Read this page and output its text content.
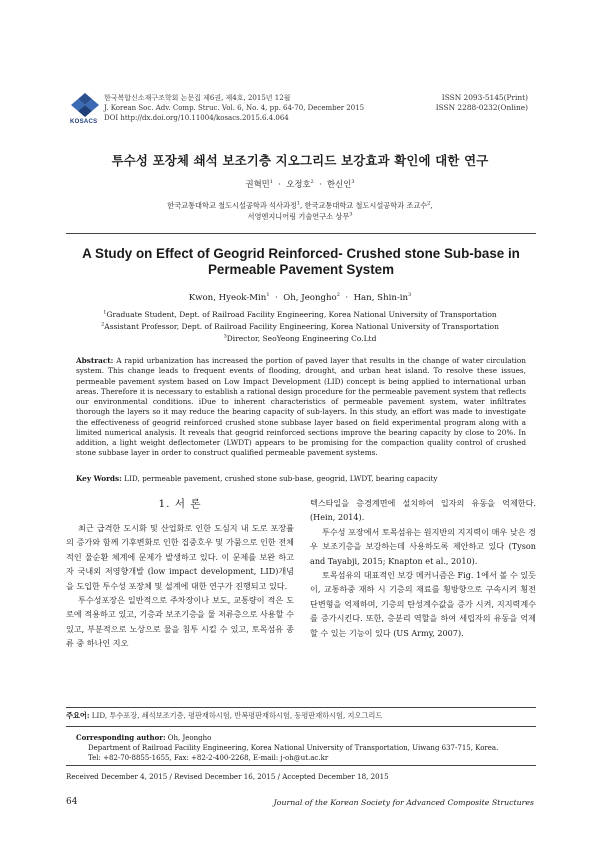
KOSACS
한국복합신소재구조학회 논문집 제6권, 제4호, 2015년 12월
J. Korean Soc. Adv. Comp. Struc. Vol. 6, No. 4, pp. 64-70, December 2015
DOI http://dx.doi.org/10.11004/kosacs.2015.6.4.064
ISSN 2093-5145(Print)
ISSN 2288-0232(Online)
투수성 포장체 쇄석 보조기층 지오그리드 보강효과 확인에 대한 연구
권혁민$^1$  ·  오정호$^2$  ·  한신인$^3$
한국교통대학교 철도시설공학과 석사과정$^1$, 한국교통대학교 철도시설공학과 조교수$^2$,
서영엔지니어링 기술연구소 상무$^3$
A Study on Effect of Geogrid Reinforced- Crushed stone Sub-base in Permeable Pavement System
Kwon, Hyeok-Min$^1$  ·  Oh, Jeongho$^2$  ·  Han, Shin-$in^3$
$^1$Graduate Student, Dept. of Railroad Facility Engineering, Korea National University of Transportation
$^2$Assistant Professor, Dept. of Railroad Facility Engineering, Korea National University of Transportation
$^3$Director, SeoYeong Engineering Co.Ltd
Abstract: A rapid urbanization has increased the portion of paved layer that results in the change of water circulation system. This change leads to frequent events of flooding, drought, and urban heat island. To resolve these issues, permeable pavement system based on Low Impact Development (LID) concept is being applied to international urban areas. Therefore it is necessary to establish a rational design procedure for the permeable pavement system that reflects our environmental conditions. iDue to inherent characteristics of permeable pavement system, water infiltrates thorough the layers so it may reduce the bearing capacity of sub-layers. In this study, an effort was made to investigate the effectiveness of geogrid reinforced crushed stone subbase layer based on field experimental program along with a limited numerical analysis. It reveals that geogrid reinforced sections improve the bearing capacity by close to 20%. In addition, a light weight deflectometer (LWDT) appears to be promising for the compaction quality control of crushed stone subbase layer in order to construct qualified permeable pavement systems.
Key Words: LID, permeable pavement, crushed stone sub-base, geogrid, LWDT, bearing capacity
1. 서 론

최근 급격한 도시화 및 산업화로 인한 도심지 내 도로 포장률의 증가와 함께 기후변화로 인한 집중호우 및 가뭄으로 인한 전체적인 물순환 체계에 문제가 발생하고 있다. 이 문제를 보완 하고자 국내외 저영향개발 (low impact development, LID)개념을 도입한 투수성 포장체 및 설계에 대한 연구가 진행되고 있다.

투수성포장은 일반적으로 주차장이나 보도, 교통량이 적은 도로에 적용하고 있고, 기층과 보조기층을 물 저류층으로 사용할 수 있고, 부분적으로 노상으로 물을 침투 시킬 수 있고, 토목섬유 종류 중 하나인 지오

텍스타일을 층경계면에 설치하여 입자의 유동을 억제한다. (Hein, 2014).

투수성 포장에서 토목섬유는 원지반의 지지력이 매우 낮은 경우 보조기층을 보강하는데 사용하도록 제안하고 있다 (Tyson and Tayabji, 2015; Knapton et al., 2010).

토목섬유의 대표적인 보강 메커니즘은 Fig. 1에서 볼 수 있듯이, 교통하중 재하 시 기층의 재료를 횡방향으로 구속시켜 횡전단변형을 억제하며, 기층의 탄성계수값을 증가 시켜, 지지력계수를 증가시킨다. 또한, 층분리 역할을 하여 세립자의 유동을 억제할 수 있는 기능이 있다 (US Army, 2007).

주요어: LID, 투수포장, 쇄석보조기층, 평판재하시험, 반복평판재하시험, 동평판재하시험, 지오그리드
Corresponding author: Oh, Jeongho
Department of Railroad Facility Engineering, Korea National University of Transportation, Uiwang 637-715, Korea.
Tel: +82-70-8855-1655, Fax: +82-2-400-2268, E-mail: j-oh@ut.ac.kr
Received December 4, 2015 / Revised December 16, 2015 / Accepted December 18, 2015
64	Journal of the Korean Society for Advanced Composite Structures
